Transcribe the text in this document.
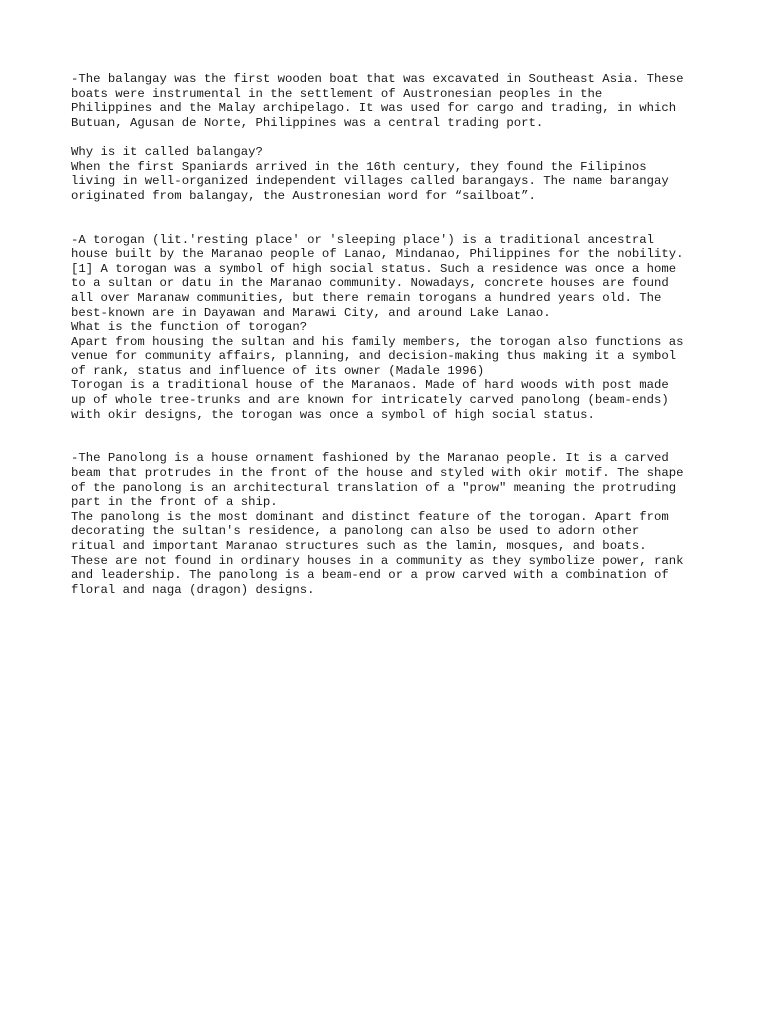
-The balangay was the first wooden boat that was excavated in Southeast Asia. These
boats were instrumental in the settlement of Austronesian peoples in the
Philippines and the Malay archipelago. It was used for cargo and trading, in which
Butuan, Agusan de Norte, Philippines was a central trading port.
Why is it called balangay?
When the first Spaniards arrived in the 16th century, they found the Filipinos
living in well-organized independent villages called barangays. The name barangay
originated from balangay, the Austronesian word for “sailboat”.
-A torogan (lit.'resting place' or 'sleeping place') is a traditional ancestral
house built by the Maranao people of Lanao, Mindanao, Philippines for the nobility.
[1] A torogan was a symbol of high social status. Such a residence was once a home
to a sultan or datu in the Maranao community. Nowadays, concrete houses are found
all over Maranaw communities, but there remain torogans a hundred years old. The
best-known are in Dayawan and Marawi City, and around Lake Lanao.
What is the function of torogan?
Apart from housing the sultan and his family members, the torogan also functions as
venue for community affairs, planning, and decision-making thus making it a symbol
of rank, status and influence of its owner (Madale 1996)
Torogan is a traditional house of the Maranaos. Made of hard woods with post made
up of whole tree-trunks and are known for intricately carved panolong (beam-ends)
with okir designs, the torogan was once a symbol of high social status.
-The Panolong is a house ornament fashioned by the Maranao people. It is a carved
beam that protrudes in the front of the house and styled with okir motif. The shape
of the panolong is an architectural translation of a "prow" meaning the protruding
part in the front of a ship.
The panolong is the most dominant and distinct feature of the torogan. Apart from
decorating the sultan's residence, a panolong can also be used to adorn other
ritual and important Maranao structures such as the lamin, mosques, and boats.
These are not found in ordinary houses in a community as they symbolize power, rank
and leadership. The panolong is a beam-end or a prow carved with a combination of
floral and naga (dragon) designs.
